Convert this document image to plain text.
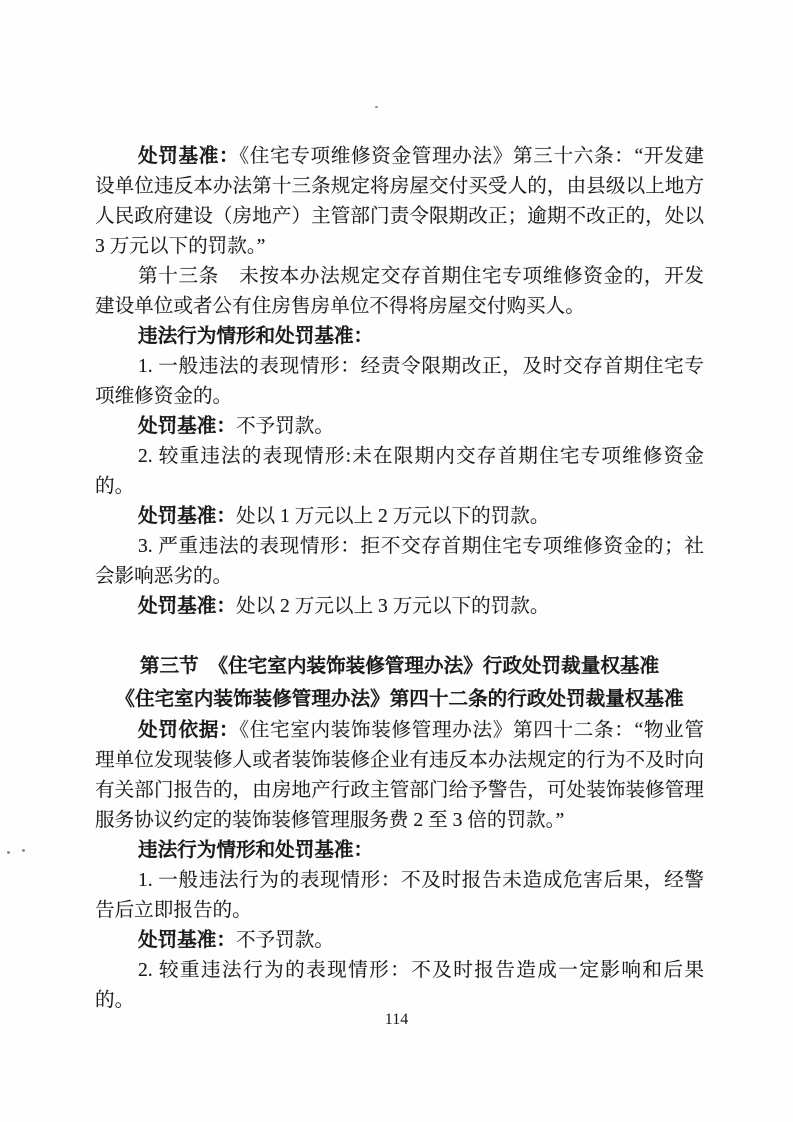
处罚基准：《住宅专项维修资金管理办法》第三十六条：“开发建设单位违反本办法第十三条规定将房屋交付买受人的，由县级以上地方人民政府建设（房地产）主管部门责令限期改正；逾期不改正的，处以 3 万元以下的罚款。”

第十三条　未按本办法规定交存首期住宅专项维修资金的，开发建设单位或者公有住房售房单位不得将房屋交付购买人。

违法行为情形和处罚基准：

1. 一般违法的表现情形：经责令限期改正，及时交存首期住宅专项维修资金的。

处罚基准：不予罚款。

2. 较重违法的表现情形:未在限期内交存首期住宅专项维修资金的。

处罚基准：处以 1 万元以上 2 万元以下的罚款。

3. 严重违法的表现情形：拒不交存首期住宅专项维修资金的；社会影响恶劣的。

处罚基准：处以 2 万元以上 3 万元以下的罚款。

第三节　《住宅室内装饰装修管理办法》行政处罚裁量权基准

《住宅室内装饰装修管理办法》第四十二条的行政处罚裁量权基准

处罚依据：《住宅室内装饰装修管理办法》第四十二条：“物业管理单位发现装修人或者装饰装修企业有违反本办法规定的行为不及时向有关部门报告的，由房地产行政主管部门给予警告，可处装饰装修管理服务协议约定的装饰装修管理服务费 2 至 3 倍的罚款。”

违法行为情形和处罚基准：

1. 一般违法行为的表现情形：不及时报告未造成危害后果，经警告后立即报告的。

处罚基准：不予罚款。

2. 较重违法行为的表现情形：不及时报告造成一定影响和后果的。

114
